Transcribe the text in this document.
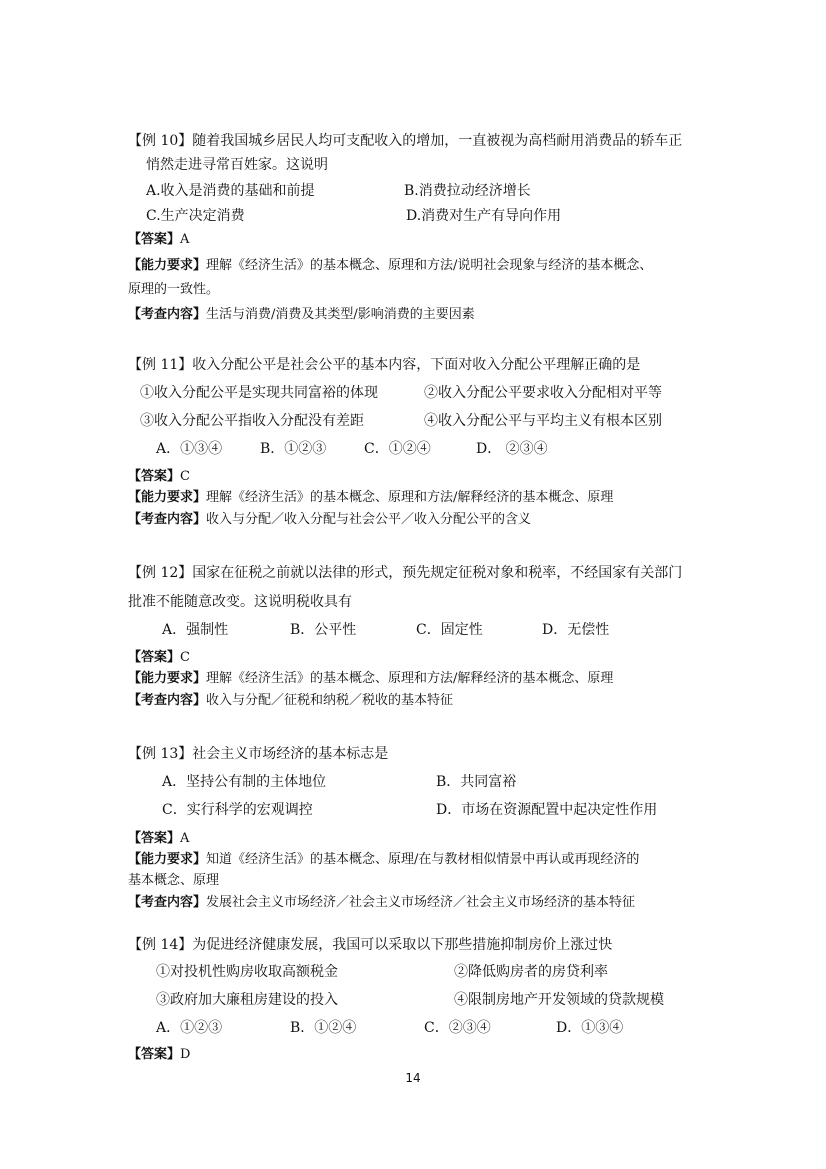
【例 10】随着我国城乡居民人均可支配收入的增加，一直被视为高档耐用消费品的轿车正
悄然走进寻常百姓家。这说明
A.收入是消费的基础和前提	B.消费拉动经济增长
C.生产决定消费	D.消费对生产有导向作用
【答案】A
【能力要求】理解《经济生活》的基本概念、原理和方法/说明社会现象与经济的基本概念、
原理的一致性。
【考查内容】生活与消费/消费及其类型/影响消费的主要因素
【例 11】收入分配公平是社会公平的基本内容，下面对收入分配公平理解正确的是
①收入分配公平是实现共同富裕的体现	②收入分配公平要求收入分配相对平等
③收入分配公平指收入分配没有差距	④收入分配公平与平均主义有根本区别
A．①③④	B．①②③	C．①②④	D． ②③④
【答案】C
【能力要求】理解《经济生活》的基本概念、原理和方法/解释经济的基本概念、原理
【考查内容】收入与分配／收入分配与社会公平／收入分配公平的含义
【例 12】国家在征税之前就以法律的形式，预先规定征税对象和税率，不经国家有关部门
批准不能随意改变。这说明税收具有
A．强制性	B．公平性	C．固定性	D．无偿性
【答案】C
【能力要求】理解《经济生活》的基本概念、原理和方法/解释经济的基本概念、原理
【考查内容】收入与分配／征税和纳税／税收的基本特征
【例 13】社会主义市场经济的基本标志是
A．坚持公有制的主体地位	B．共同富裕
C．实行科学的宏观调控	D．市场在资源配置中起决定性作用
【答案】A
【能力要求】知道《经济生活》的基本概念、原理/在与教材相似情景中再认或再现经济的
基本概念、原理
【考查内容】发展社会主义市场经济／社会主义市场经济／社会主义市场经济的基本特征
【例 14】为促进经济健康发展，我国可以采取以下那些措施抑制房价上涨过快
①对投机性购房收取高额税金	②降低购房者的房贷利率
③政府加大廉租房建设的投入	④限制房地产开发领域的贷款规模
A．①②③	B．①②④	C．②③④	D．①③④
【答案】D
14
